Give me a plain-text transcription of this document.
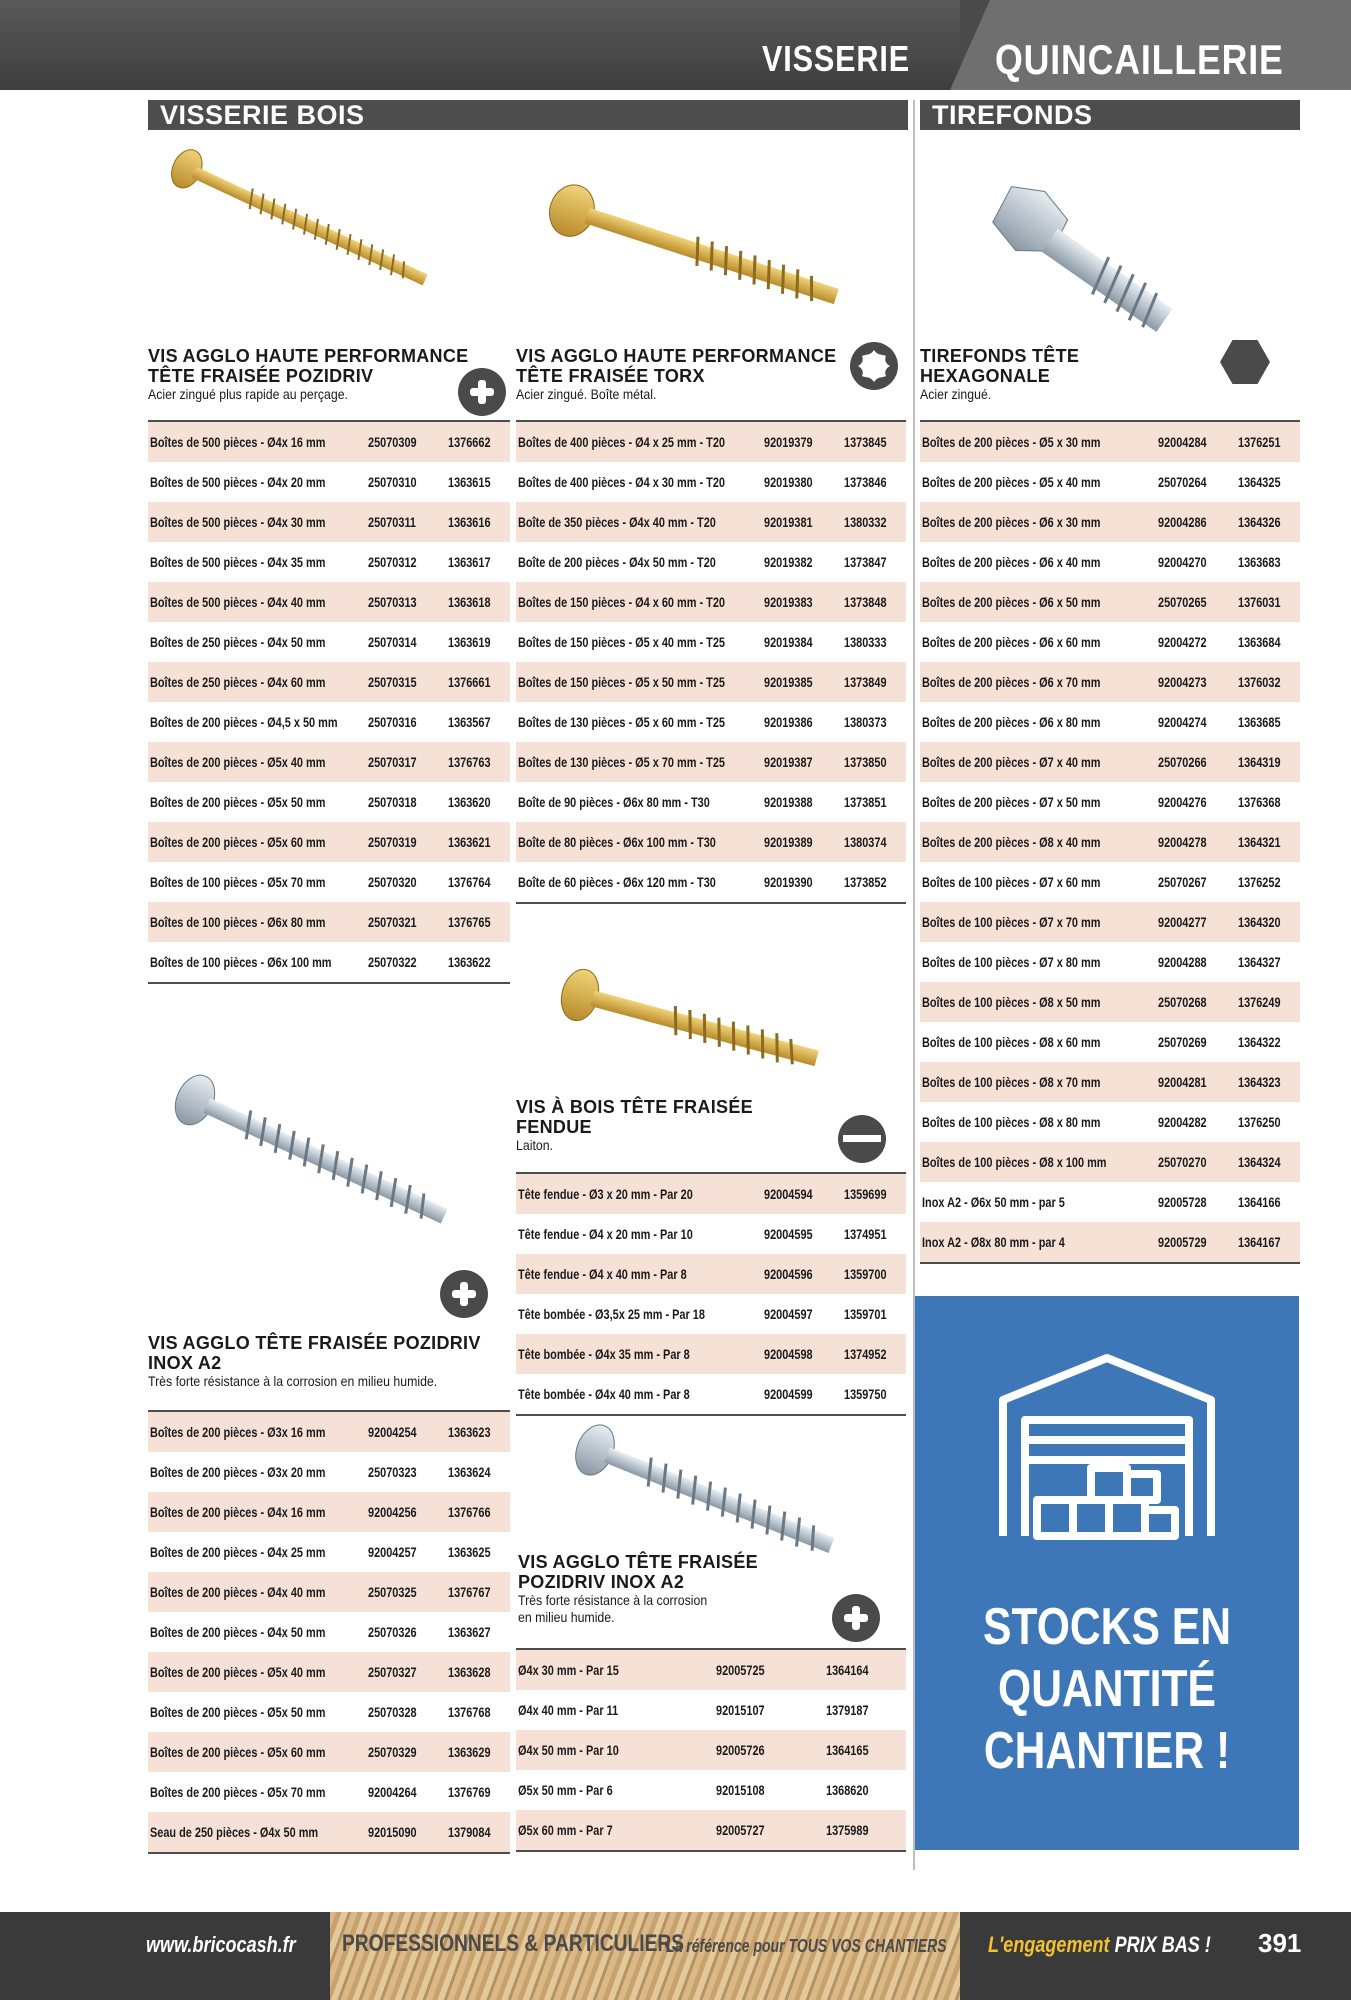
VISSERIE QUINCAILLERIE
VISSERIE BOIS	TIREFONDS
VIS AGGLO HAUTE PERFORMANCE
TÊTE FRAISÉE POZIDRIV
Acier zingué plus rapide au perçage.
Boîtes de 500 pièces - Ø4x 16 mm	25070309 1376662
Boîtes de 500 pièces - Ø4x 20 mm	25070310 1363615
Boîtes de 500 pièces - Ø4x 30 mm	25070311 1363616
Boîtes de 500 pièces - Ø4x 35 mm	25070312 1363617
Boîtes de 500 pièces - Ø4x 40 mm	25070313 1363618
Boîtes de 250 pièces - Ø4x 50 mm	25070314 1363619
Boîtes de 250 pièces - Ø4x 60 mm	25070315 1376661
Boîtes de 200 pièces - Ø4,5 x 50 mm 25070316 1363567
Boîtes de 200 pièces - Ø5x 40 mm	25070317 1376763
Boîtes de 200 pièces - Ø5x 50 mm	25070318 1363620
Boîtes de 200 pièces - Ø5x 60 mm	25070319 1363621
Boîtes de 100 pièces - Ø5x 70 mm	25070320 1376764
Boîtes de 100 pièces - Ø6x 80 mm	25070321 1376765
Boîtes de 100 pièces - Ø6x 100 mm	25070322 1363622
VIS AGGLO HAUTE PERFORMANCE
TÊTE FRAISÉE TORX
Acier zingué. Boîte métal.
Boîtes de 400 pièces - Ø4 x 25 mm - T20	92019379 1373845
Boîtes de 400 pièces - Ø4 x 30 mm - T20	92019380 1373846
Boîte de 350 pièces - Ø4x 40 mm - T20	92019381 1380332
Boîte de 200 pièces - Ø4x 50 mm - T20	92019382 1373847
Boîtes de 150 pièces - Ø4 x 60 mm - T20	92019383 1373848
Boîtes de 150 pièces - Ø5 x 40 mm - T25	92019384 1380333
Boîtes de 150 pièces - Ø5 x 50 mm - T25	92019385 1373849
Boîtes de 130 pièces - Ø5 x 60 mm - T25	92019386 1380373
Boîtes de 130 pièces - Ø5 x 70 mm - T25	92019387 1373850
Boîte de 90 pièces - Ø6x 80 mm - T30	92019388 1373851
Boîte de 80 pièces - Ø6x 100 mm - T30	92019389 1380374
Boîte de 60 pièces - Ø6x 120 mm - T30	92019390 1373852
TIREFONDS TÊTE
HEXAGONALE
Acier zingué.
Boîtes de 200 pièces - Ø5 x 30 mm	92004284 1376251
Boîtes de 200 pièces - Ø5 x 40 mm	25070264 1364325
Boîtes de 200 pièces - Ø6 x 30 mm	92004286 1364326
Boîtes de 200 pièces - Ø6 x 40 mm	92004270 1363683
Boîtes de 200 pièces - Ø6 x 50 mm	25070265 1376031
Boîtes de 200 pièces - Ø6 x 60 mm	92004272 1363684
Boîtes de 200 pièces - Ø6 x 70 mm	92004273 1376032
Boîtes de 200 pièces - Ø6 x 80 mm	92004274 1363685
Boîtes de 200 pièces - Ø7 x 40 mm	25070266 1364319
Boîtes de 200 pièces - Ø7 x 50 mm	92004276 1376368
Boîtes de 200 pièces - Ø8 x 40 mm	92004278 1364321
Boîtes de 100 pièces - Ø7 x 60 mm	25070267 1376252
Boîtes de 100 pièces - Ø7 x 70 mm	92004277 1364320
Boîtes de 100 pièces - Ø7 x 80 mm	92004288 1364327
Boîtes de 100 pièces - Ø8 x 50 mm	25070268 1376249
Boîtes de 100 pièces - Ø8 x 60 mm	25070269 1364322
Boîtes de 100 pièces - Ø8 x 70 mm	92004281 1364323
Boîtes de 100 pièces - Ø8 x 80 mm	92004282 1376250
Boîtes de 100 pièces - Ø8 x 100 mm	25070270 1364324
Inox A2 - Ø6x 50 mm - par 5	92005728 1364166
Inox A2 - Ø8x 80 mm - par 4	92005729 1364167
VIS À BOIS TÊTE FRAISÉE
FENDUE
Laiton.
Tête fendue - Ø3 x 20 mm - Par 20	92004594 1359699
Tête fendue - Ø4 x 20 mm - Par 10	92004595 1374951
Tête fendue - Ø4 x 40 mm - Par 8	92004596 1359700
Tête bombée - Ø3,5x 25 mm - Par 18	92004597 1359701
Tête bombée - Ø4x 35 mm - Par 8	92004598 1374952
Tête bombée - Ø4x 40 mm - Par 8	92004599 1359750
VIS AGGLO TÊTE FRAISÉE POZIDRIV
INOX A2
Très forte résistance à la corrosion en milieu humide.
Boîtes de 200 pièces - Ø3x 16 mm	92004254 1363623
Boîtes de 200 pièces - Ø3x 20 mm	25070323 1363624
Boîtes de 200 pièces - Ø4x 16 mm	92004256 1376766
Boîtes de 200 pièces - Ø4x 25 mm	92004257 1363625
Boîtes de 200 pièces - Ø4x 40 mm	25070325 1376767
Boîtes de 200 pièces - Ø4x 50 mm	25070326 1363627
Boîtes de 200 pièces - Ø5x 40 mm	25070327 1363628
Boîtes de 200 pièces - Ø5x 50 mm	25070328 1376768
Boîtes de 200 pièces - Ø5x 60 mm	25070329 1363629
Boîtes de 200 pièces - Ø5x 70 mm	92004264 1376769
Seau de 250 pièces - Ø4x 50 mm	92015090 1379084
VIS AGGLO TÊTE FRAISÉE
POZIDRIV INOX A2
Très forte résistance à la corrosion
en milieu humide.
Ø4x 30 mm - Par 15	92005725	1364164
Ø4x 40 mm - Par 11	92015107	1379187
Ø4x 50 mm - Par 10	92005726	1364165
Ø5x 50 mm - Par 6	92015108	1368620
Ø5x 60 mm - Par 7	92005727	1375989
STOCKS EN
QUANTITÉ
CHANTIER !
www.bricocash.fr PROFESSIONNELS & PARTICULIERS
La référence pour TOUS VOS CHANTIERS L'engagement PRIX BAS ! 391
